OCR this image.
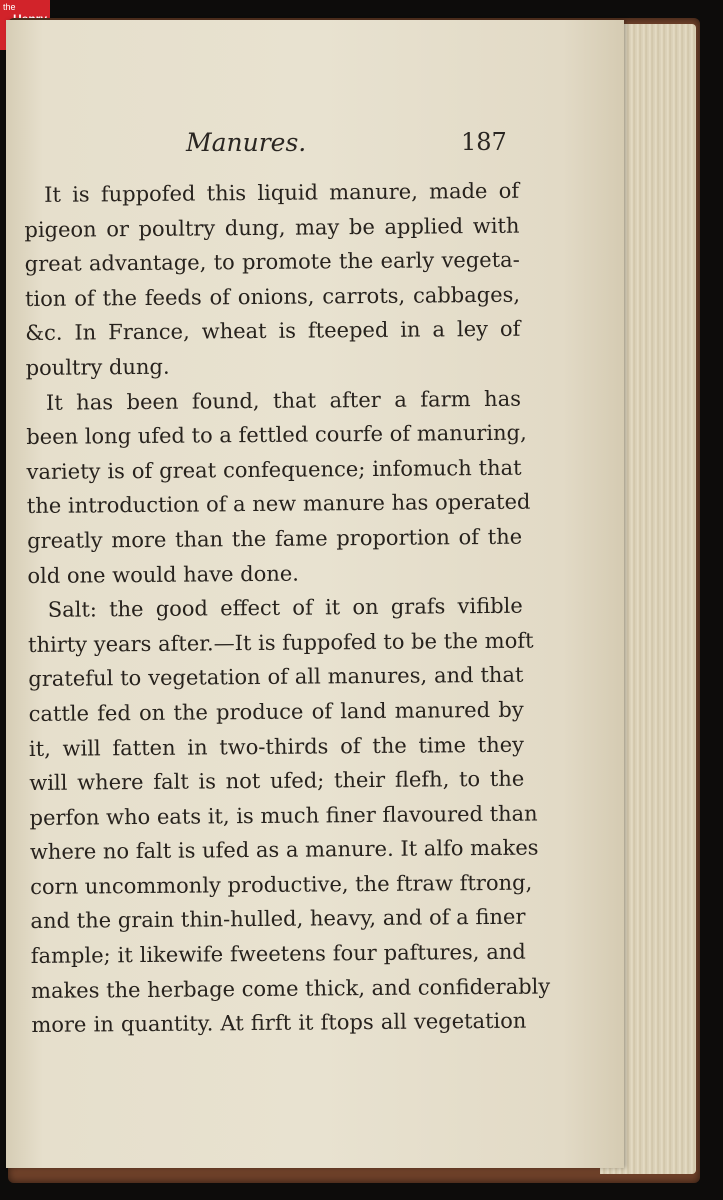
the
Manures.	187
It is fuppofed this liquid manure, made of
pigeon or poultry dung, may be applied with
great advantage, to promote the early vegeta-
tion of the feeds of onions, carrots, cabbages,
&c. In France, wheat is fteeped in a ley of
poultry dung.
It has been found, that after a farm has
been long ufed to a fettled courfe of manuring,
variety is of great confequence; infomuch that
the introduction of a new manure has operated
greatly more than the fame proportion of the
old one would have done.
Salt: the good effect of it on grafs vifible
thirty years after.—It is fuppofed to be the moft
grateful to vegetation of all manures, and that
cattle fed on the produce of land manured by
it, will fatten in two-thirds of the time they
will where falt is not ufed; their flefh, to the
perfon who eats it, is much finer flavoured than
where no falt is ufed as a manure. It alfo makes
corn uncommonly productive, the ftraw ftrong,
and the grain thin-hulled, heavy, and of a finer
fample; it likewife fweetens four paftures, and
makes the herbage come thick, and confiderably
more in quantity. At firft it ftops all vegetation
